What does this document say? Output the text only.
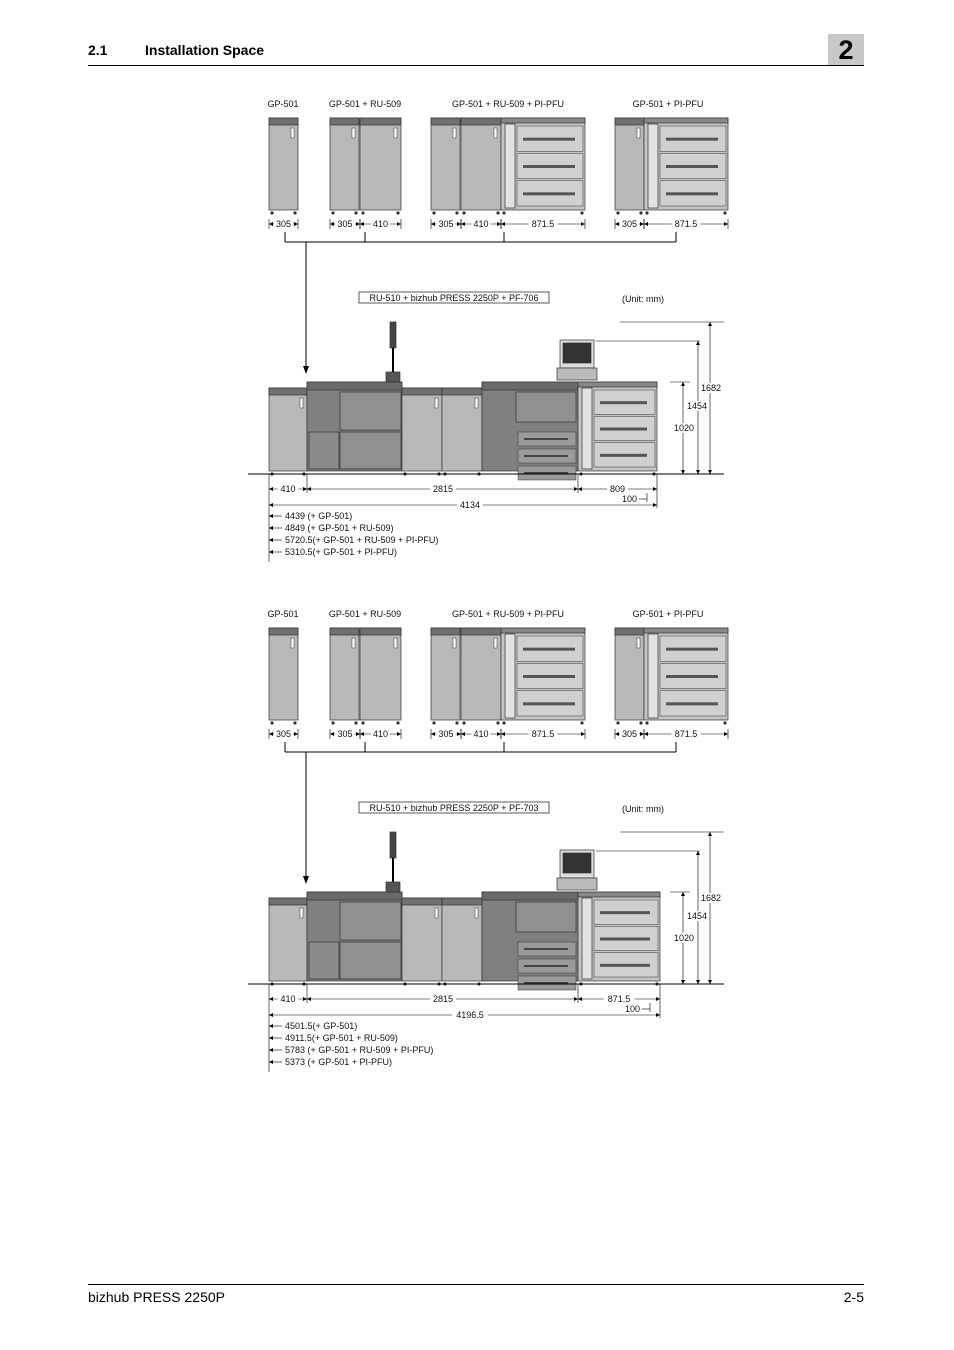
2.1	Installation Space	2
GP-501	GP-501 + RU-509	GP-501 + RU-509 + PI-PFU	GP-501 + PI-PFU
305	305 410	305 410	871.5	305	871.5
RU-510 + bizhub PRESS 2250P + PF-706	(Unit: mm)
1682
1454
1020
410	2815	809
100
4134
4439 (+ GP-501)
4849 (+ GP-501 + RU-509)
5720.5(+ GP-501 + RU-509 + PI-PFU)
5310.5(+ GP-501 + PI-PFU)
GP-501	GP-501 + RU-509	GP-501 + RU-509 + PI-PFU	GP-501 + PI-PFU
305	305 410	305 410	871.5	305	871.5
RU-510 + bizhub PRESS 2250P + PF-703	(Unit: mm)
1682
1454
1020
410	2815	871.5
100
4196.5
4501.5(+ GP-501)
4911.5(+ GP-501 + RU-509)
5783 (+ GP-501 + RU-509 + PI-PFU)
5373 (+ GP-501 + PI-PFU)
bizhub PRESS 2250P	2-5
